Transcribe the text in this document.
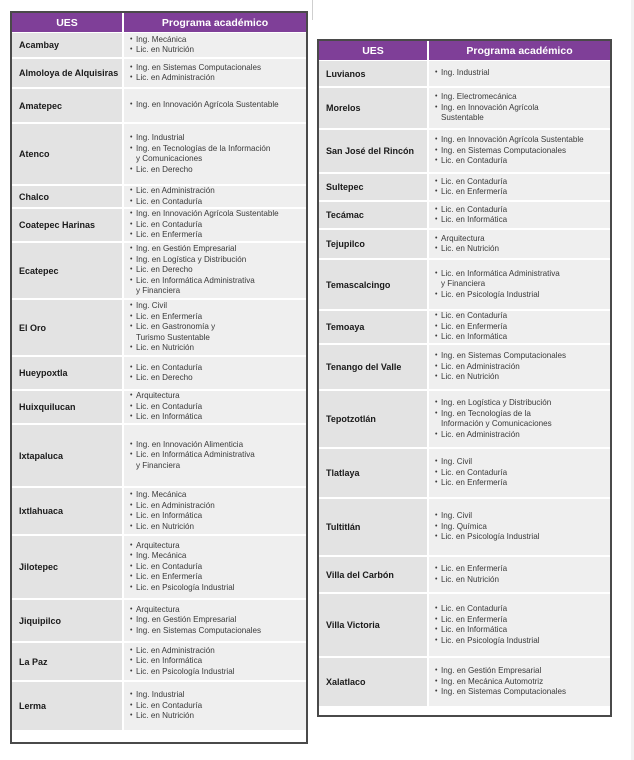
UES	Programa académico
Acambay
• Ing. Mecánica
• Lic. en Nutrición
Almoloya de Alquisiras
• Ing. en Sistemas Computacionales
• Lic. en Administración
Amatepec	• Ing. en Innovación Agrícola Sustentable
Atenco
• Ing. Industrial
• Ing. en Tecnologías de la Información
y Comunicaciones
• Lic. en Derecho
Chalco
• Lic. en Administración
• Lic. en Contaduría
Coatepec Harinas
• Ing. en Innovación Agrícola Sustentable
• Lic. en Contaduría
• Lic. en Enfermería
Ecatepec
• Ing. en Gestión Empresarial
• Ing. en Logística y Distribución
• Lic. en Derecho
• Lic. en Informática Administrativa
y Financiera
El Oro
• Ing. Civil
• Lic. en Enfermería
• Lic. en Gastronomía y
Turismo Sustentable
• Lic. en Nutrición
Hueypoxtla
• Lic. en Contaduría
• Lic. en Derecho
Huixquilucan
• Arquitectura
• Lic. en Contaduría
• Lic. en Informática
Ixtapaluca
• Ing. en Innovación Alimenticia
• Lic. en Informática Administrativa
y Financiera
Ixtlahuaca
• Ing. Mecánica
• Lic. en Administración
• Lic. en Informática
• Lic. en Nutrición
Jilotepec
• Arquitectura
• Ing. Mecánica
• Lic. en Contaduría
• Lic. en Enfermería
• Lic. en Psicología Industrial
Jiquipilco
• Arquitectura
• Ing. en Gestión Empresarial
• Ing. en Sistemas Computacionales
La Paz
• Lic. en Administración
• Lic. en Informática
• Lic. en Psicología Industrial
Lerma
• Ing. Industrial
• Lic. en Contaduría
• Lic. en Nutrición
UES	Programa académico
Luvianos	• Ing. Industrial
Morelos
• Ing. Electromecánica
• Ing. en Innovación Agrícola
Sustentable
San José del Rincón
• Ing. en Innovación Agrícola Sustentable
• Ing. en Sistemas Computacionales
• Lic. en Contaduría
Sultepec
• Lic. en Contaduría
• Lic. en Enfermería
Tecámac
• Lic. en Contaduría
• Lic. en Informática
Tejupilco
• Arquitectura
• Lic. en Nutrición
Temascalcingo
• Lic. en Informática Administrativa
y Financiera
• Lic. en Psicología Industrial
Temoaya
• Lic. en Contaduría
• Lic. en Enfermería
• Lic. en Informática
Tenango del Valle
• Ing. en Sistemas Computacionales
• Lic. en Administración
• Lic. en Nutrición
Tepotzotlán
• Ing. en Logística y Distribución
• Ing. en Tecnologías de la
Información y Comunicaciones
• Lic. en Administración
Tlatlaya
• Ing. Civil
• Lic. en Contaduría
• Lic. en Enfermería
Tultitlán
• Ing. Civil
• Ing. Química
• Lic. en Psicología Industrial
Villa del Carbón
• Lic. en Enfermería
• Lic. en Nutrición
Villa Victoria
• Lic. en Contaduría
• Lic. en Enfermería
• Lic. en Informática
• Lic. en Psicología Industrial
Xalatlaco
• Ing. en Gestión Empresarial
• Ing. en Mecánica Automotriz
• Ing. en Sistemas Computacionales
